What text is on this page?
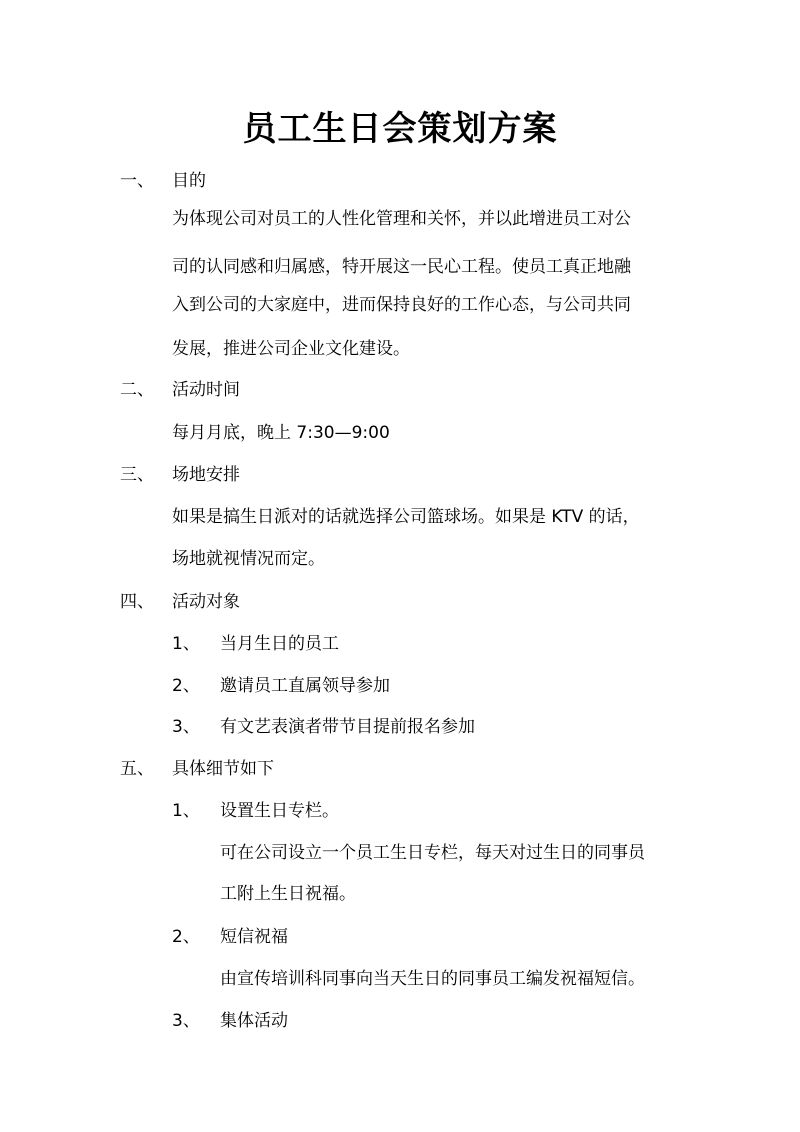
员工生日会策划方案
一、 目的
为体现公司对员工的人性化管理和关怀，并以此增进员工对公
司的认同感和归属感，特开展这一民心工程。使员工真正地融
入到公司的大家庭中，进而保持良好的工作心态，与公司共同
发展，推进公司企业文化建设。
二、 活动时间
每月月底，晚上 7:30—9:00
三、 场地安排
如果是搞生日派对的话就选择公司篮球场。如果是 KTV 的话，
场地就视情况而定。
四、 活动对象
1、 当月生日的员工
2、 邀请员工直属领导参加
3、 有文艺表演者带节目提前报名参加
五、 具体细节如下
1、 设置生日专栏。
可在公司设立一个员工生日专栏，每天对过生日的同事员
工附上生日祝福。
2、 短信祝福
由宣传培训科同事向当天生日的同事员工编发祝福短信。
3、 集体活动
